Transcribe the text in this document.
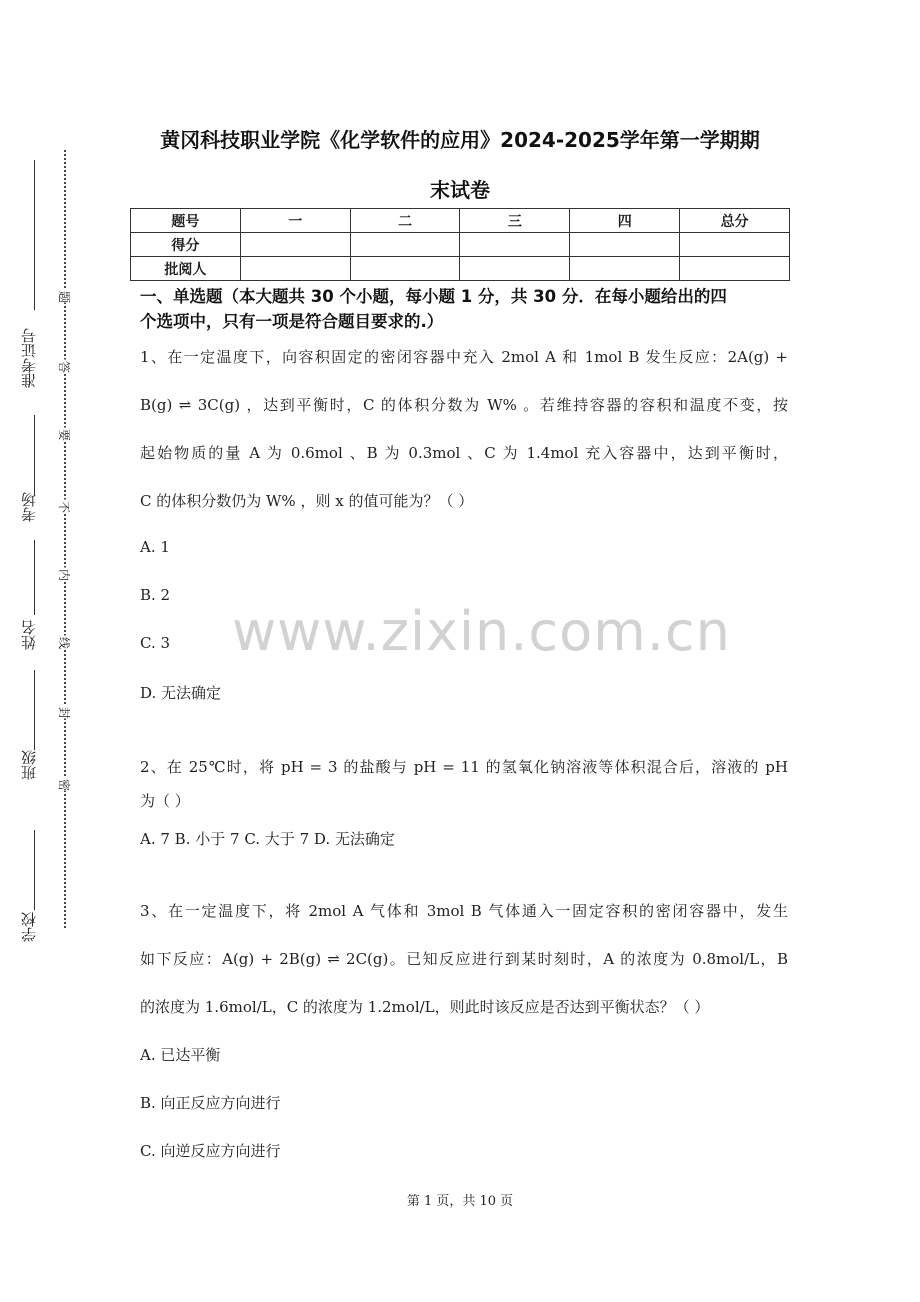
准考证号
考场
姓名
班级
学校
题
答
要
不
内
线
封
密
黄冈科技职业学院《化学软件的应用》2024-2025学年第一学期期
末试卷
题号	一	二	三	四	总分
得分					
批阅人					
一、单选题（本大题共 30 个小题，每小题 1 分，共 30 分．在每小题给出的四
个选项中，只有一项是符合题目要求的.）
1、在一定温度下，向容积固定的密闭容器中充入 2mol A 和 1mol B 发生反应：2A(g) +
B(g) ⇌ 3C(g) ，达到平衡时，C 的体积分数为 W% 。若维持容器的容积和温度不变，按
起始物质的量 A 为 0.6mol 、B 为 0.3mol 、C 为 1.4mol 充入容器中，达到平衡时，
C 的体积分数仍为 W% ，则 x 的值可能为？（ ）
A. 1
B. 2
C. 3
D. 无法确定
2、在 25℃时，将 pH = 3 的盐酸与 pH = 11 的氢氧化钠溶液等体积混合后，溶液的 pH
为（ ）
A. 7 B. 小于 7 C. 大于 7 D. 无法确定
3、在一定温度下，将 2mol A 气体和 3mol B 气体通入一固定容积的密闭容器中，发生
如下反应：A(g) + 2B(g) ⇌ 2C(g)。已知反应进行到某时刻时，A 的浓度为 0.8mol/L，B
的浓度为 1.6mol/L，C 的浓度为 1.2mol/L，则此时该反应是否达到平衡状态？（ ）
A. 已达平衡
B. 向正反应方向进行
C. 向逆反应方向进行
www.zixin.com.cn
第 1 页，共 10 页
